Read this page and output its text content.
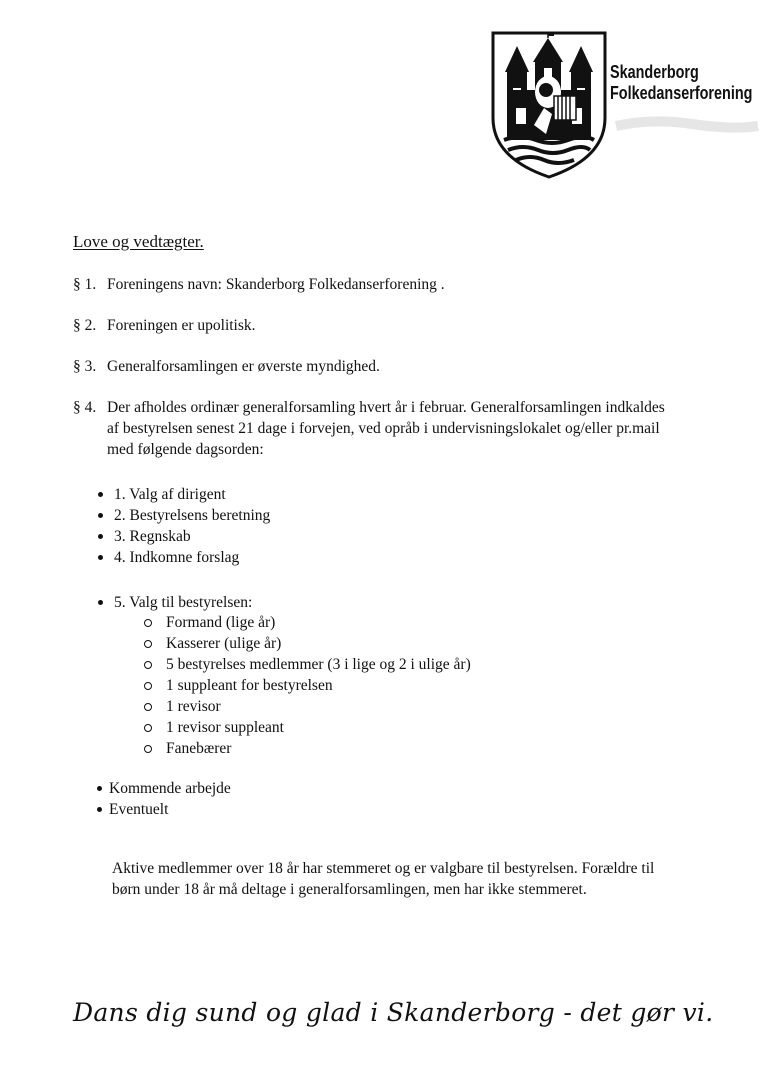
Skanderborg
Folkedanserforening
Love og vedtægter.
§ 1. Foreningens navn: Skanderborg Folkedanserforening .
§ 2. Foreningen er upolitisk.
§ 3. Generalforsamlingen er øverste myndighed.
§ 4. Der afholdes ordinær generalforsamling hvert år i februar. Generalforsamlingen indkaldes af bestyrelsen senest 21 dage i forvejen, ved opråb i undervisningslokalet og/eller pr.mail med følgende dagsorden:
1. Valg af dirigent
2. Bestyrelsens beretning
3. Regnskab
4. Indkomne forslag
5. Valg til bestyrelsen:
Formand (lige år)
Kasserer (ulige år)
5 bestyrelses medlemmer (3 i lige og 2 i ulige år)
1 suppleant for bestyrelsen
1 revisor
1 revisor suppleant
Fanebærer
Kommende arbejde
Eventuelt
Aktive medlemmer over 18 år har stemmeret og er valgbare til bestyrelsen. Forældre til børn under 18 år må deltage i generalforsamlingen, men har ikke stemmeret.
Dans dig sund og glad i Skanderborg - det gør vi.
